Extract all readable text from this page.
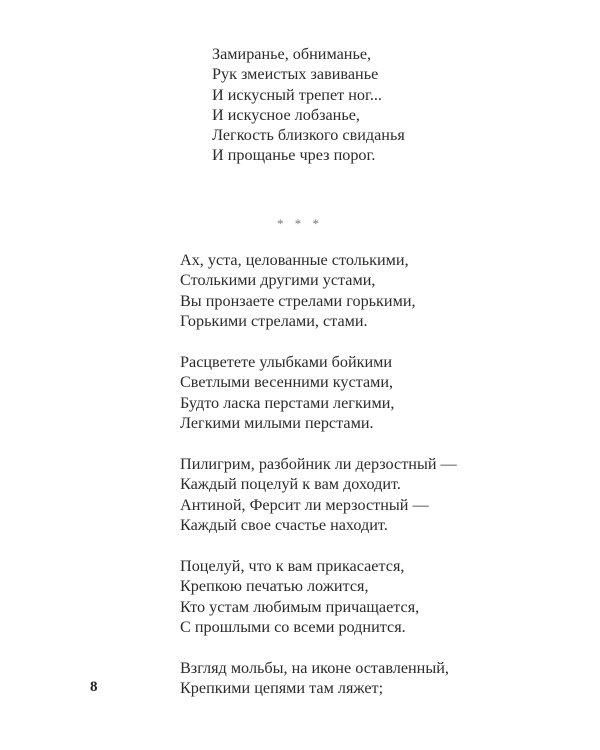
Замиранье, обниманье,
Рук змеистых завиванье
И искусный трепет ног...
И искусное лобзанье,
Легкость близкого свиданья
И прощанье чрез порог.
* * *
Ах, уста, целованные столькими,
Столькими другими устами,
Вы пронзаете стрелами горькими,
Горькими стрелами, стами.
Расцветете улыбками бойкими
Светлыми весенними кустами,
Будто ласка перстами легкими,
Легкими милыми перстами.
Пилигрим, разбойник ли дерзостный —
Каждый поцелуй к вам доходит.
Антиной, Ферсит ли мерзостный —
Каждый свое счастье находит.
Поцелуй, что к вам прикасается,
Крепкою печатью ложится,
Кто устам любимым причащается,
С прошлыми со всеми роднится.
Взгляд мольбы, на иконе оставленный,
Крепкими цепями там ляжет;
8
